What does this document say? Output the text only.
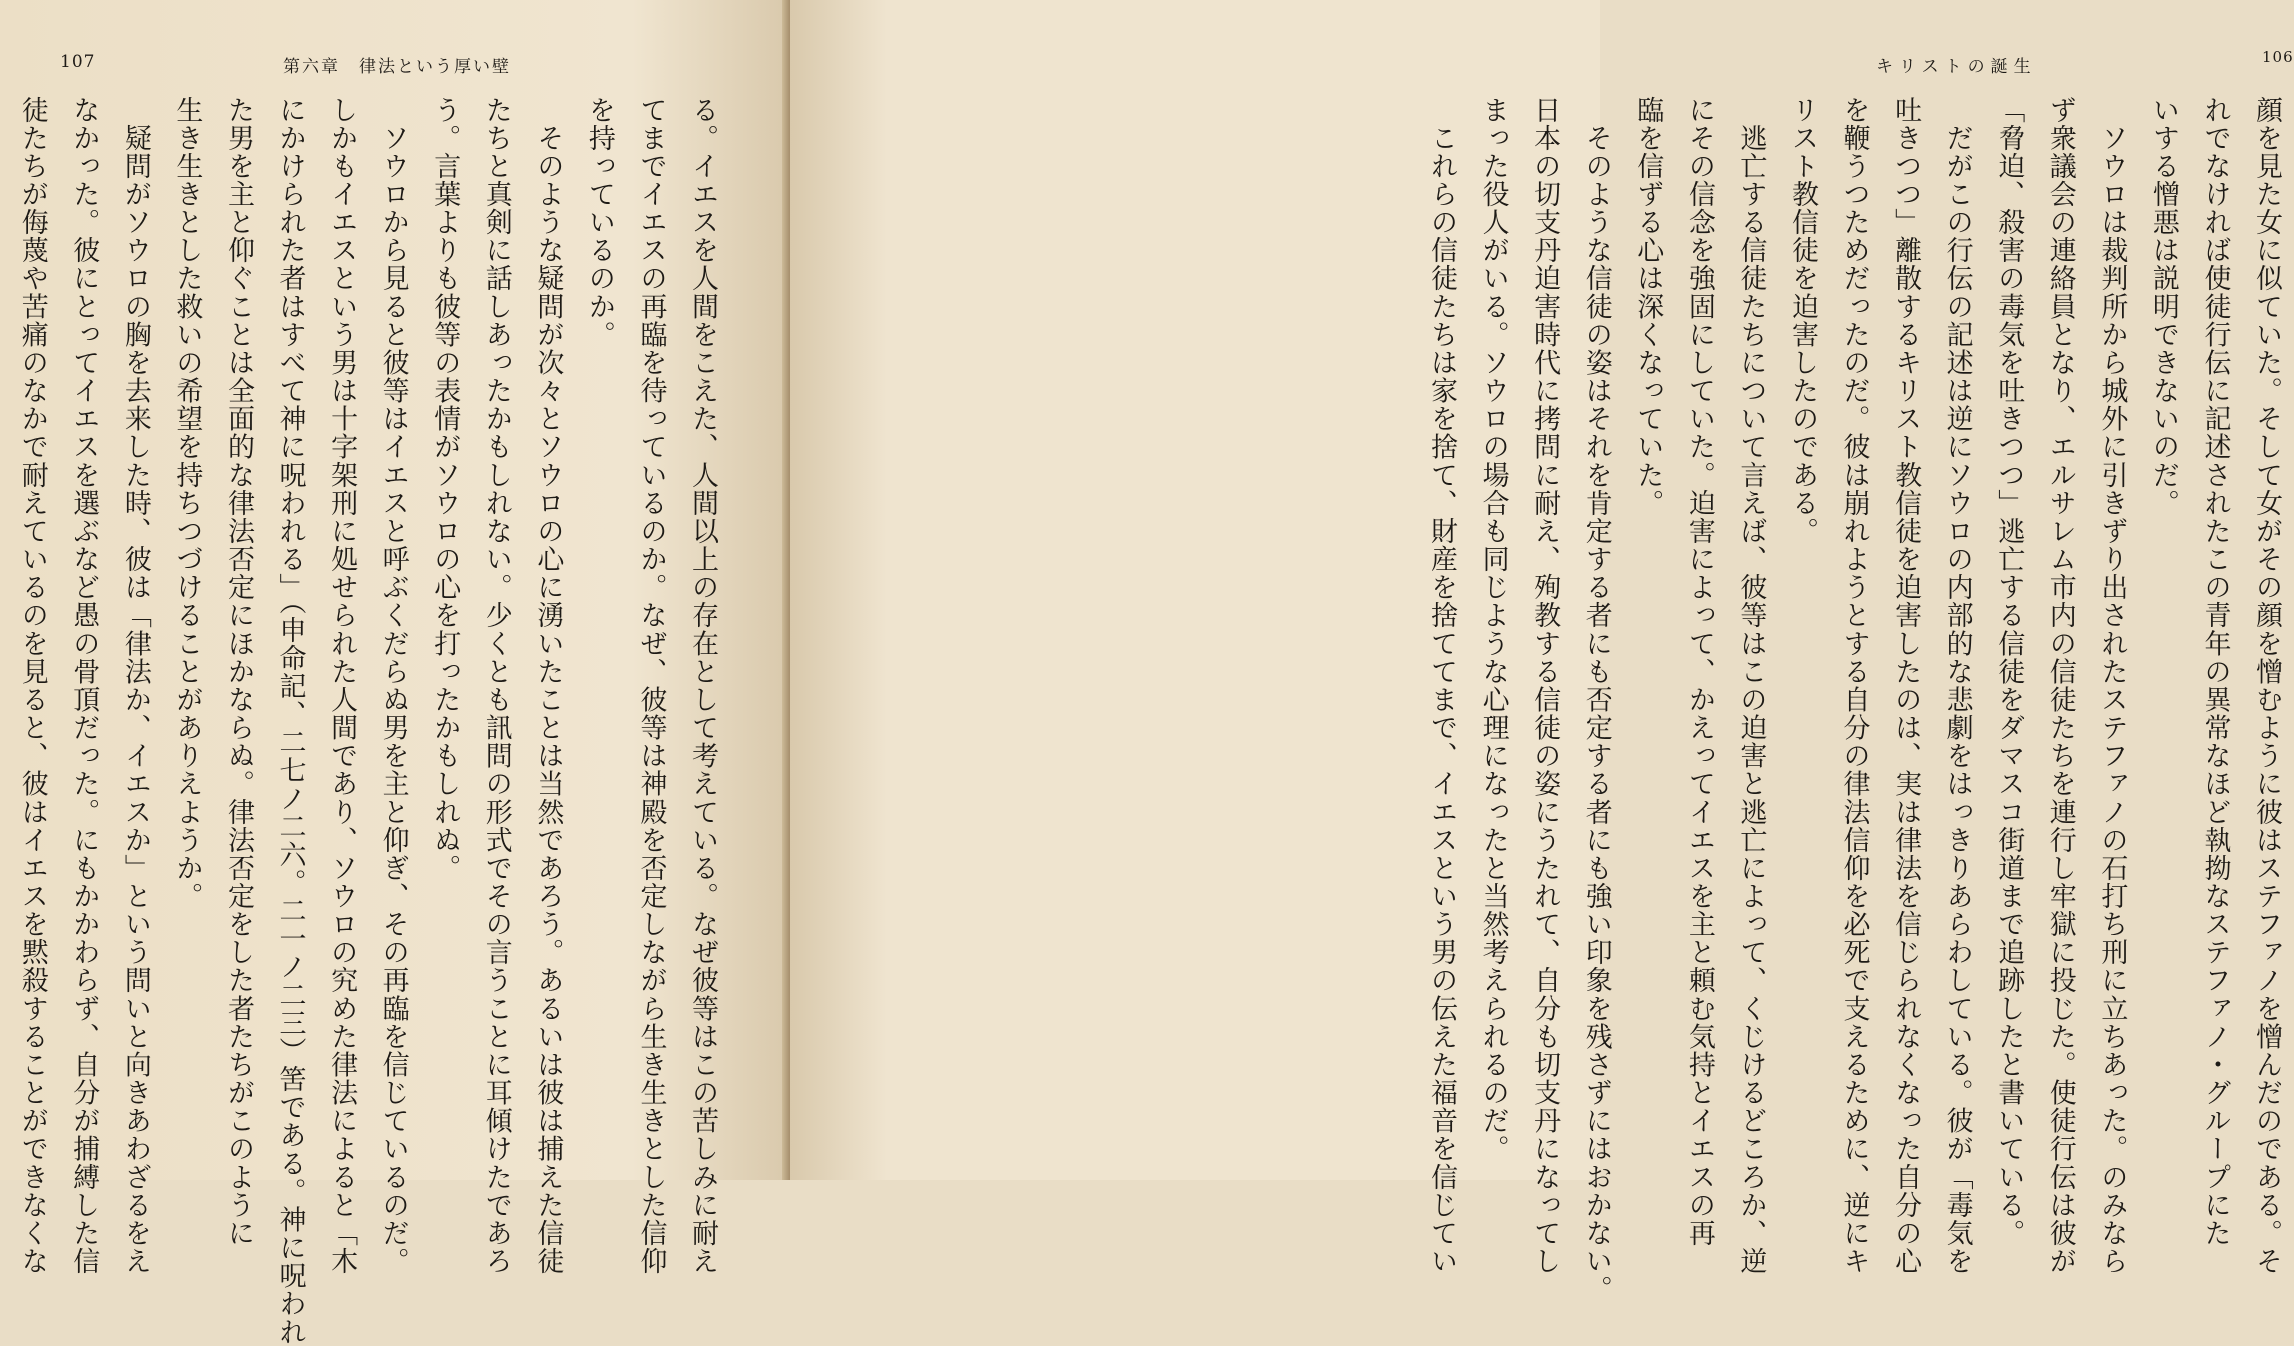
107	第六章　律法という厚い壁

る。イエスを人間をこえた、人間以上の存在として考えている。なぜ彼等はこの苦しみに耐え

てまでイエスの再臨を待っているのか。なぜ、彼等は神殿を否定しながら生き生きとした信仰

を持っているのか。

　そのような疑問が次々とソウロの心に湧いたことは当然であろう。あるいは彼は捕えた信徒

たちと真剣に話しあったかもしれない。少くとも訊問の形式でその言うことに耳傾けたであろ

う。言葉よりも彼等の表情がソウロの心を打ったかもしれぬ。

　ソウロから見ると彼等はイエスと呼ぶくだらぬ男を主と仰ぎ、その再臨を信じているのだ。

しかもイエスという男は十字架刑に処せられた人間であり、ソウロの究めた律法によると「木

にかけられた者はすべて神に呪われる」（申命記、二七ノ二六。二一ノ二三）筈である。神に呪われ

た男を主と仰ぐことは全面的な律法否定にほかならぬ。律法否定をした者たちがこのように

生き生きとした救いの希望を持ちつづけることがありえようか。

　疑問がソウロの胸を去来した時、彼は「律法か、イエスか」という問いと向きあわざるをえ

なかった。彼にとってイエスを選ぶなど愚の骨頂だった。にもかかわらず、自分が捕縛した信

徒たちが侮蔑や苦痛のなかで耐えているのを見ると、彼はイエスを黙殺することができなくな

キリストの誕生	106

顔を見た女に似ていた。そして女がその顔を憎むように彼はステファノを憎んだのである。そ

れでなければ使徒行伝に記述されたこの青年の異常なほど執拗なステファノ・グループにた

いする憎悪は説明できないのだ。

　ソウロは裁判所から城外に引きずり出されたステファノの石打ち刑に立ちあった。のみなら

ず衆議会の連絡員となり、エルサレム市内の信徒たちを連行し牢獄に投じた。使徒行伝は彼が

「脅迫、殺害の毒気を吐きつつ」逃亡する信徒をダマスコ街道まで追跡したと書いている。

　だがこの行伝の記述は逆にソウロの内部的な悲劇をはっきりあらわしている。彼が「毒気を

吐きつつ」離散するキリスト教信徒を迫害したのは、実は律法を信じられなくなった自分の心

を鞭うつためだったのだ。彼は崩れようとする自分の律法信仰を必死で支えるために、逆にキ

リスト教信徒を迫害したのである。

　逃亡する信徒たちについて言えば、彼等はこの迫害と逃亡によって、くじけるどころか、逆

にその信念を強固にしていた。迫害によって、かえってイエスを主と頼む気持とイエスの再

臨を信ずる心は深くなっていた。

　そのような信徒の姿はそれを肯定する者にも否定する者にも強い印象を残さずにはおかない。

日本の切支丹迫害時代に拷問に耐え、殉教する信徒の姿にうたれて、自分も切支丹になってし

まった役人がいる。ソウロの場合も同じような心理になったと当然考えられるのだ。

　これらの信徒たちは家を捨て、財産を捨ててまで、イエスという男の伝えた福音を信じてい
